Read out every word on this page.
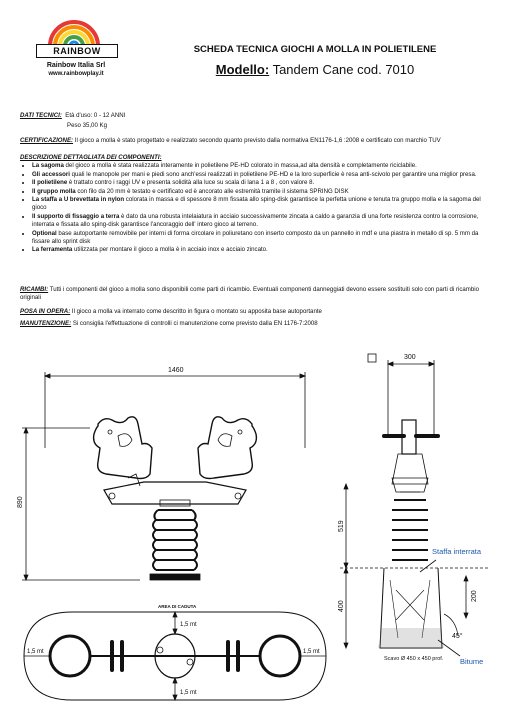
RAINBOW
Rainbow Italia Srl
www.rainbowplay.it
SCHEDA TECNICA GIOCHI A MOLLA IN POLIETILENE
Modello: Tandem Cane cod. 7010
DATI TECNICI: Età d'uso: 0 - 12 ANNI
Peso 35,00 Kg
CERTIFICAZIONE: Il gioco a molla è stato progettato e realizzato secondo quanto previsto dalla normativa EN1176-1,6 :2008 e certificato con marchio TUV
DESCRIZIONE DETTAGLIATA DEI COMPONENTI:
• La sagoma del gioco a molla è stata realizzata interamente in polietilene PE-HD colorato in massa,ad alta densità e completamente riciclabile.
• Gli accessori quali le manopole per mani e piedi sono anch'essi realizzati in polietilene PE-HD e la loro superficie è resa anti-scivolo per garantire una miglior presa.
• Il polietilene è trattato contro i raggi UV e presenta solidità alla luce su scala di lana 1 a 8 , con valore 8.
• Il gruppo molla con filo da 20 mm è testato e certificato ed è ancorato alle estremità tramite il sistema SPRING DISK
• La staffa a U brevettata in nylon colorata in massa e di spessore 8 mm fissata allo sping-disk garantisce la perfetta unione e tenuta tra gruppo molla e la sagoma del gioco
• Il supporto di fissaggio a terra è dato da una robusta intelaiatura in acciaio successivamente zincata a caldo a garanzia di una forte resistenza contro la corrosione, interrata e fissata allo sping-disk garantisce l'ancoraggio dell' intero gioco al terreno.
• Optional base autoportante removibile per interni di forma circolare in poliuretano con inserto composto da un pannello in mdf e una piastra in metallo di sp. 5 mm da fissare allo sprint disk
• La ferramenta utilizzata per montare il gioco a molla è in acciaio inox e acciaio zincato.
RICAMBI: Tutti i componenti del gioco a molla sono disponibili come parti di ricambio. Eventuali componenti danneggiati devono essere sostituiti solo con parti di ricambio originali
POSA IN OPERA: Il gioco a molla va interrato come descritto in figura o montato su apposita base autoportante
MANUTENZIONE: Si consiglia l'effettuazione di controlli ci manutenzione come previsto dalla EN 1176-7:2008
1460
890
300
519
400
200
45°
Staffa interrata
Scavo Ø 450 x 450 prof. Bitume
AREA DI CADUTA
1,5 mt
1,5 mt
1,5 mt	1,5 mt
